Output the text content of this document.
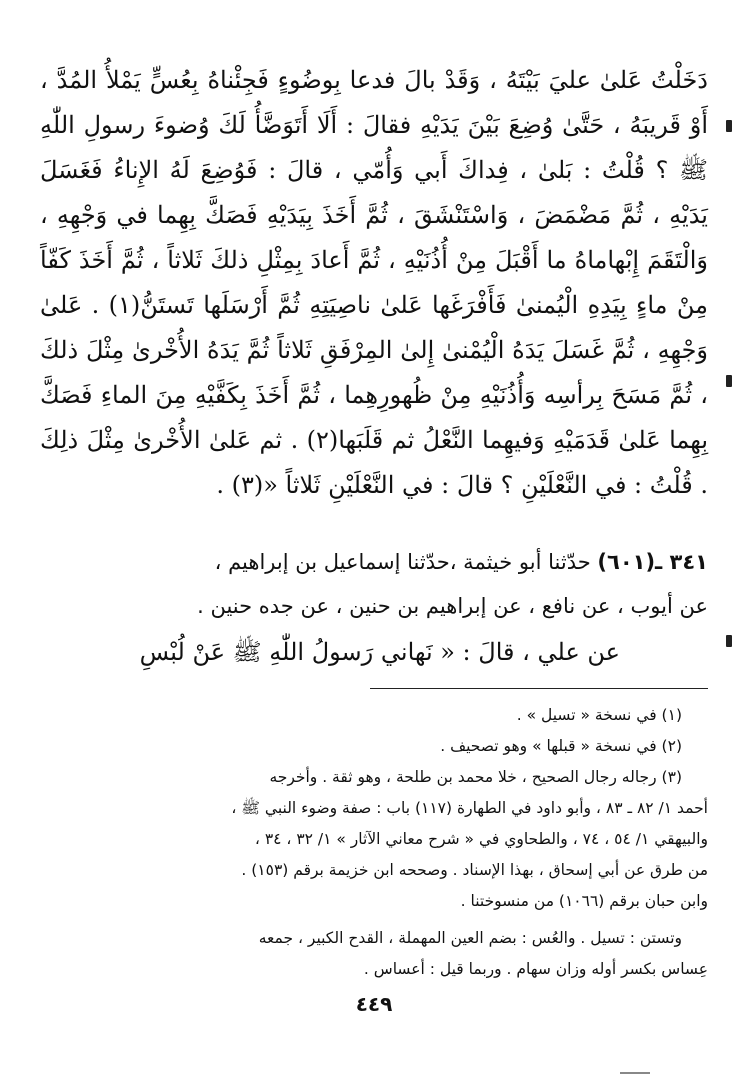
دَخَلْتُ عَلىٰ عليَ بَيْتَهُ ، وَقَدْ بالَ فدعا بِوضُوءٍ فَجِئْناهُ بِعُسٍّ يَمْلأُ المُدَّ ، أَوْ قَريبَهُ ، حَتَّىٰ وُضِعَ بَيْنَ يَدَيْهِ فقالَ : أَلَا أَتَوَضَّأُ لَكَ وُضوءَ رسولِ اللّٰهِ ﷺ ؟ قُلْتُ : بَلىٰ ، فِداكَ أَبي وَأُمّي ، قالَ : فَوُضِعَ لَهُ الإِناءُ فَغَسَلَ يَدَيْهِ ، ثُمَّ مَضْمَضَ ، وَاسْتَنْشَقَ ، ثُمَّ أَخَذَ بِيَدَيْهِ فَصَكَّ بِهِما في وَجْهِهِ ، وَالْتَقَمَ إِبْهاماهُ ما أَقْبَلَ مِنْ أُذُنَيْهِ ، ثُمَّ أَعادَ بِمِثْلِ ذلكَ ثَلاثاً ، ثُمَّ أَخَذَ كَفّاً مِنْ ماءٍ بِيَدِهِ الْيُمنىٰ فَأَفْرَغَها عَلىٰ ناصِيَتِهِ ثُمَّ أَرْسَلَها تَستَنُّ(١) . عَلىٰ وَجْهِهِ ، ثُمَّ غَسَلَ يَدَهُ الْيُمْنىٰ إِلىٰ المِرْفَقِ ثَلاثاً ثُمَّ يَدَهُ الأُخْرىٰ مِثْلَ ذلكَ ، ثُمَّ مَسَحَ بِرأسِه وَأُذُنَيْهِ مِنْ ظُهورِهِما ، ثُمَّ أَخَذَ بِكَفَّيْهِ مِنَ الماءِ فَصَكَّ بِهِما عَلىٰ قَدَمَيْهِ وَفيهِما النَّعْلُ ثم قَلَبَها(٢) . ثم عَلىٰ الأُخْرىٰ مِثْلَ ذلِكَ . قُلْتُ : في النَّعْلَيْنِ ؟ قالَ : في النَّعْلَيْنِ ثَلاثاً «(٣) .

٣٤١ ـ(٦٠١) حدّثنا أبو خيثمة ،حدّثنا إسماعيل بن إبراهيم ،
عن أيوب ، عن نافع ، عن إبراهيم بن حنين ، عن جده حنين .
عن علي ، قالَ : « نَهاني رَسولُ اللّٰهِ ﷺ عَنْ لُبْسِ
(١) في نسخة « تسيل » .
(٢) في نسخة « قبلها » وهو تصحيف .
(٣) رجاله رجال الصحيح ، خلا محمد بن طلحة ، وهو ثقة . وأخرجه
أحمد ١/ ٨٢ ـ ٨٣ ، وأبو داود في الطهارة (١١٧) باب : صفة وضوء النبي ﷺ ،
والبيهقي ١/ ٥٤ ، ٧٤ ، والطحاوي في « شرح معاني الآثار » ١/ ٣٢ ، ٣٤ ،
من طرق عن أبي إسحاق ، بهذا الإسناد . وصححه ابن خزيمة برقم (١٥٣) .
وابن حبان برقم (١٠٦٦) من منسوختنا .
وتستن : تسيل . والعُس : بضم العين المهملة ، القدح الكبير ، جمعه
عِساس بكسر أوله وزان سهام . وربما قيل : أعساس .
٤٤٩
